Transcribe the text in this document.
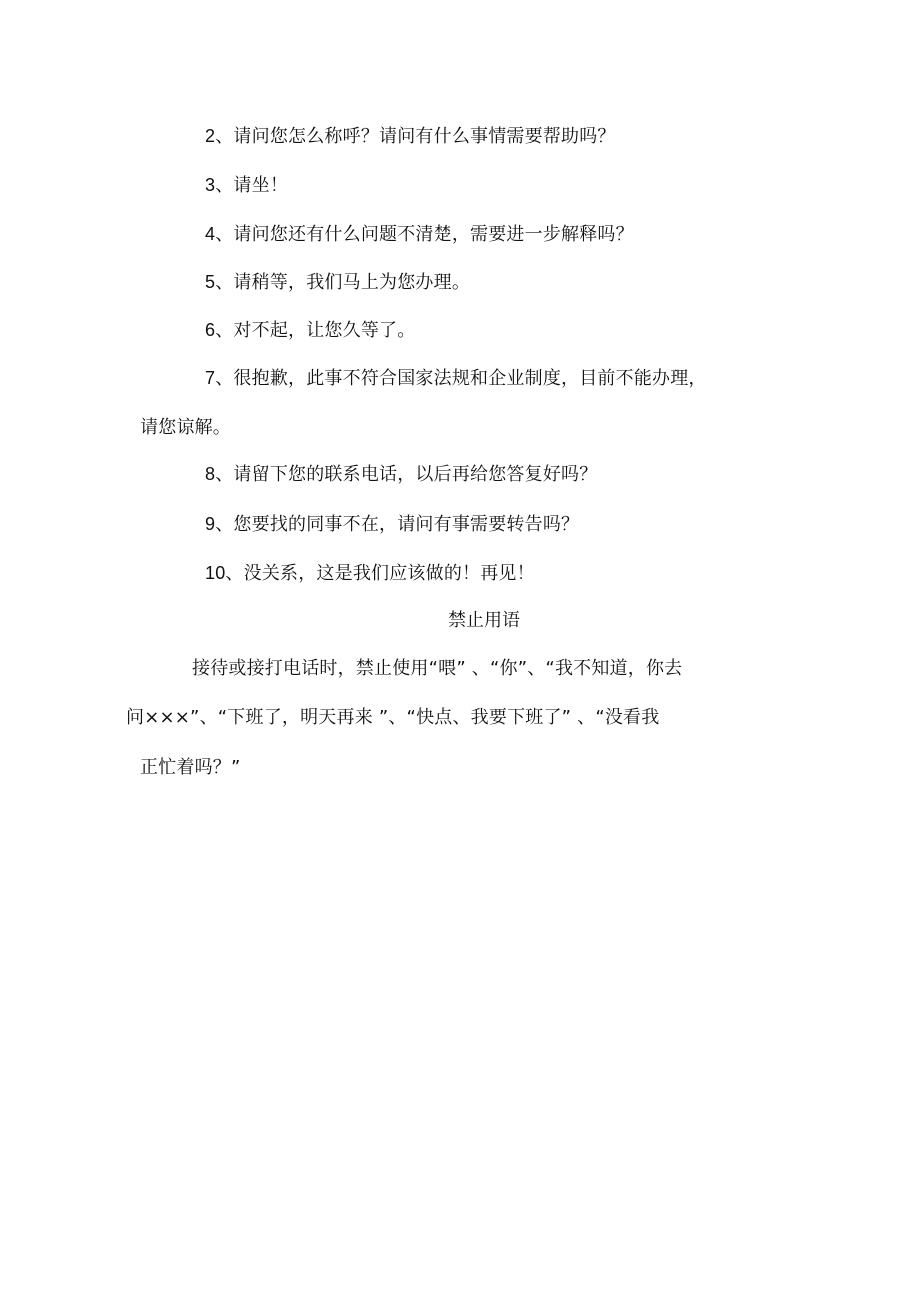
2、请问您怎么称呼？请问有什么事情需要帮助吗？
3、请坐！
4、请问您还有什么问题不清楚，需要进一步解释吗？
5、请稍等，我们马上为您办理。
6、对不起，让您久等了。
7、很抱歉，此事不符合国家法规和企业制度，目前不能办理，
请您谅解。
8、请留下您的联系电话，以后再给您答复好吗？
9、您要找的同事不在，请问有事需要转告吗？
10、没关系，这是我们应该做的！再见！
禁止用语
接待或接打电话时，禁止使用“喂” 、“你”、“我不知道，你去
问×××”、“下班了，明天再来 ”、“快点、我要下班了” 、“没看我
正忙着吗？”
